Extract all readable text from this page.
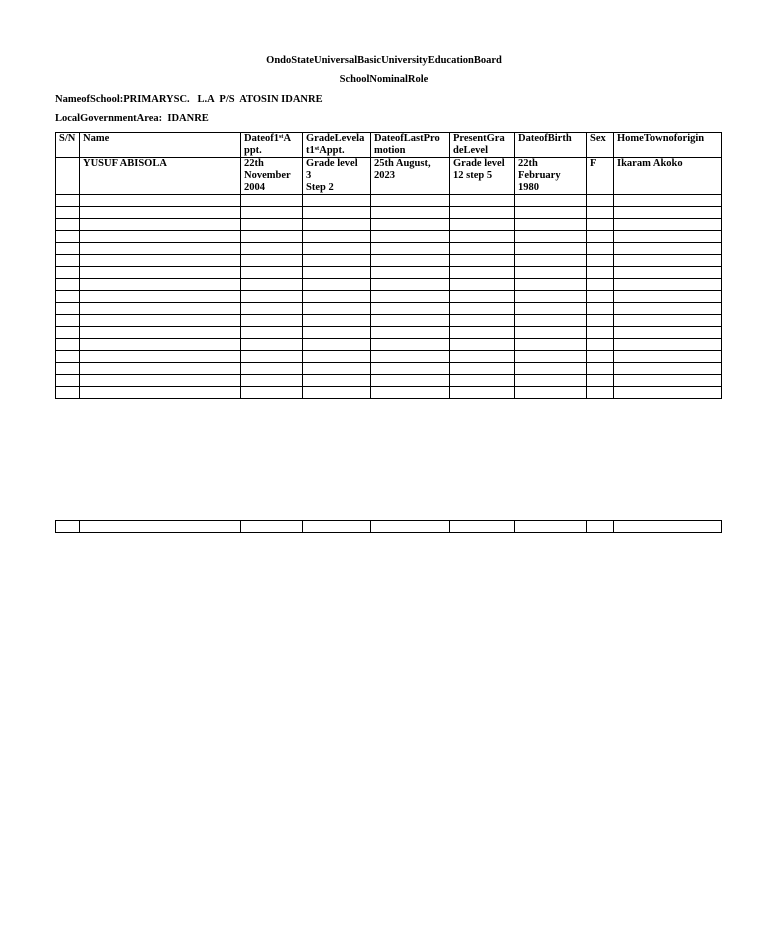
OndoStateUniversalBasicUniversityEducationBoard
SchoolNominalRole
NameofSchool:PRIMARYSC.   L.A  P/S  ATOSIN IDANRE
LocalGovernmentArea:  IDANRE
S/N	Name	Dateof1ˢᵗA ppt.	GradeLevela t1ˢᵗAppt.	DateofLastPro motion	PresentGra deLevel	DateofBirth	Sex	HomeTownoforigin
	YUSUF ABISOLA	22th
November
2004	Grade level
3
Step 2	25th August,
2023	Grade level
12 step 5	22th
February
1980	F	Ikaram Akoko
